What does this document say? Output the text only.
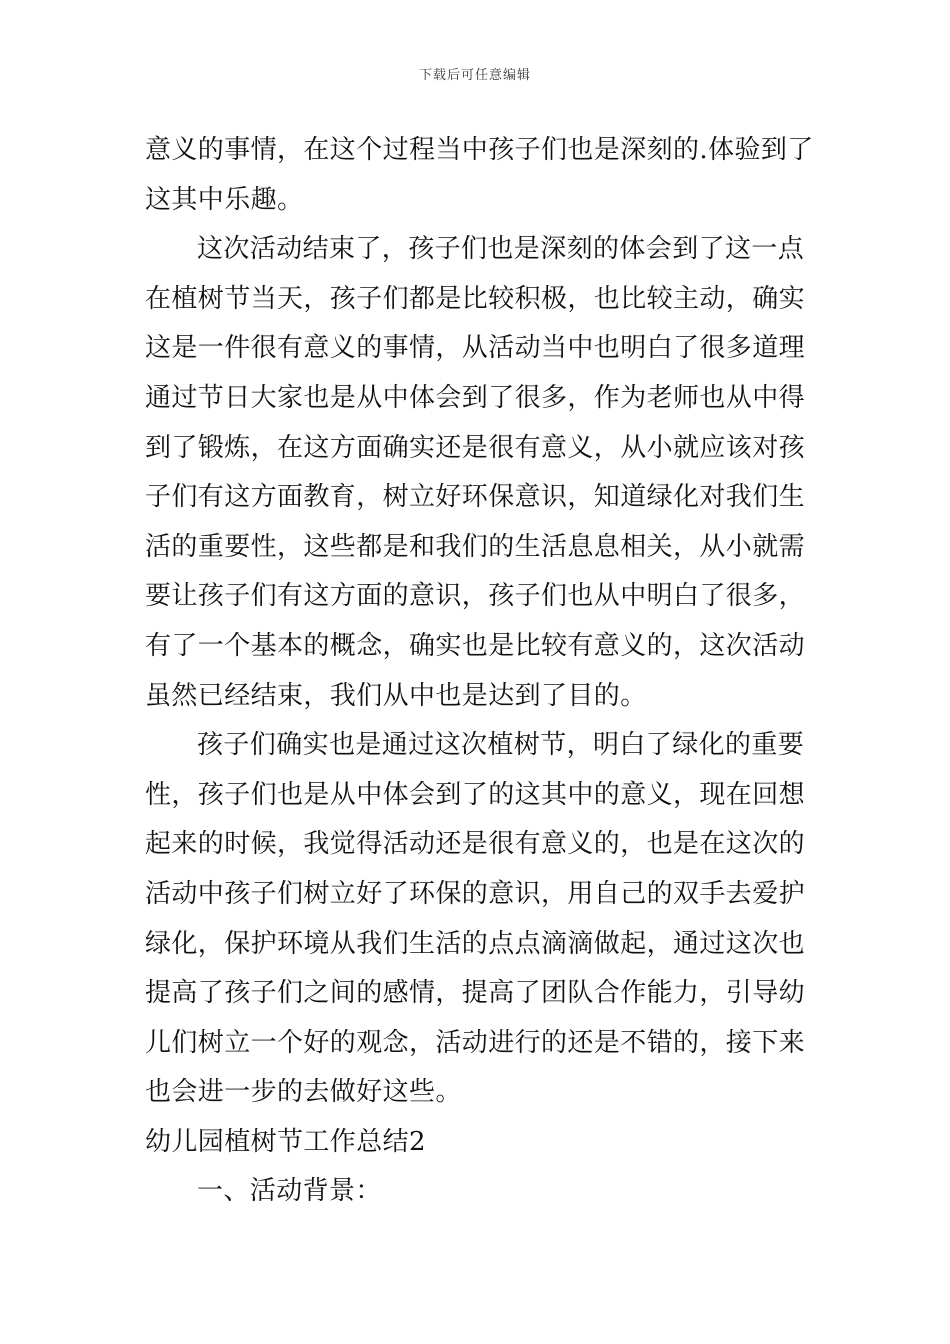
下载后可任意编辑
意义的事情，在这个过程当中孩子们也是深刻的.体验到了
这其中乐趣。
这次活动结束了，孩子们也是深刻的体会到了这一点
在植树节当天，孩子们都是比较积极，也比较主动，确实
这是一件很有意义的事情，从活动当中也明白了很多道理
通过节日大家也是从中体会到了很多，作为老师也从中得
到了锻炼，在这方面确实还是很有意义，从小就应该对孩
子们有这方面教育，树立好环保意识，知道绿化对我们生
活的重要性，这些都是和我们的生活息息相关，从小就需
要让孩子们有这方面的意识，孩子们也从中明白了很多，
有了一个基本的概念，确实也是比较有意义的，这次活动
虽然已经结束，我们从中也是达到了目的。
孩子们确实也是通过这次植树节，明白了绿化的重要
性，孩子们也是从中体会到了的这其中的意义，现在回想
起来的时候，我觉得活动还是很有意义的，也是在这次的
活动中孩子们树立好了环保的意识，用自己的双手去爱护
绿化，保护环境从我们生活的点点滴滴做起，通过这次也
提高了孩子们之间的感情，提高了团队合作能力，引导幼
儿们树立一个好的观念，活动进行的还是不错的，接下来
也会进一步的去做好这些。
幼儿园植树节工作总结2
一、活动背景：
